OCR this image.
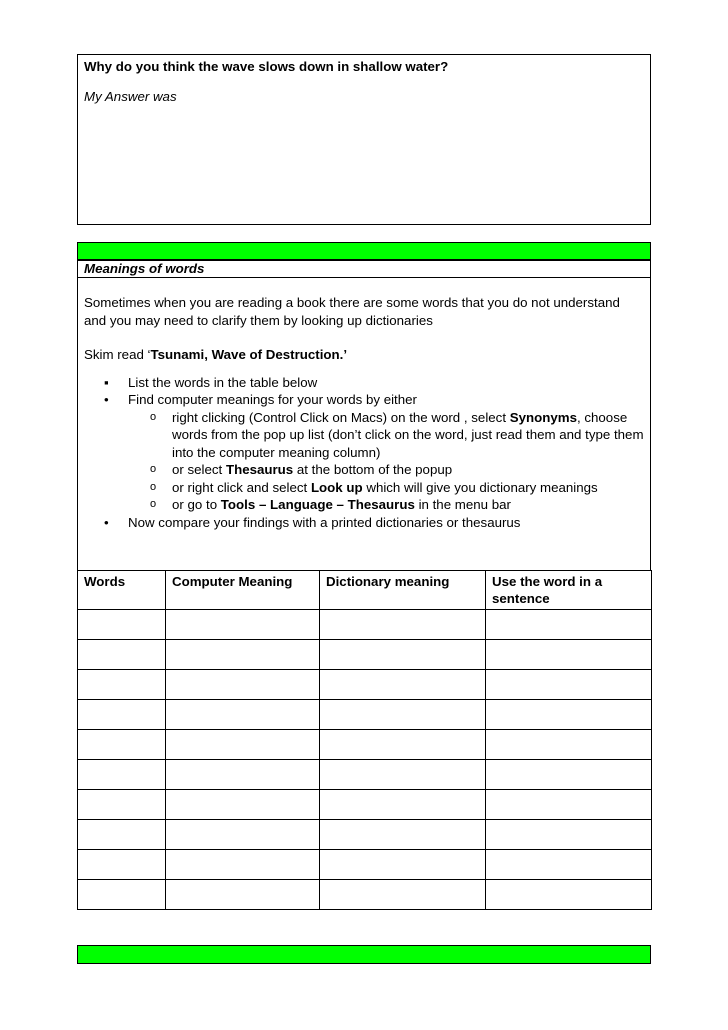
Why do you think the wave slows down in shallow water?
My Answer was
Meanings of words

Sometimes when you are reading a book there are some words that you do not understand and you may need to clarify them by looking up dictionaries

Skim read ‘Tsunami, Wave of Destruction.’

▪ List the words in the table below
• Find computer meanings for your words by either
o right clicking (Control Click on Macs) on the word , select Synonyms, choose words from the pop up list (don’t click on the word, just read them and type them into the computer meaning column)
o or select Thesaurus at the bottom of the popup
o or right click and select Look up which will give you dictionary meanings
o or go to Tools – Language – Thesaurus in the menu bar
• Now compare your findings with a printed dictionaries or thesaurus
Words	Computer Meaning	Dictionary meaning	Use the word in a sentence
